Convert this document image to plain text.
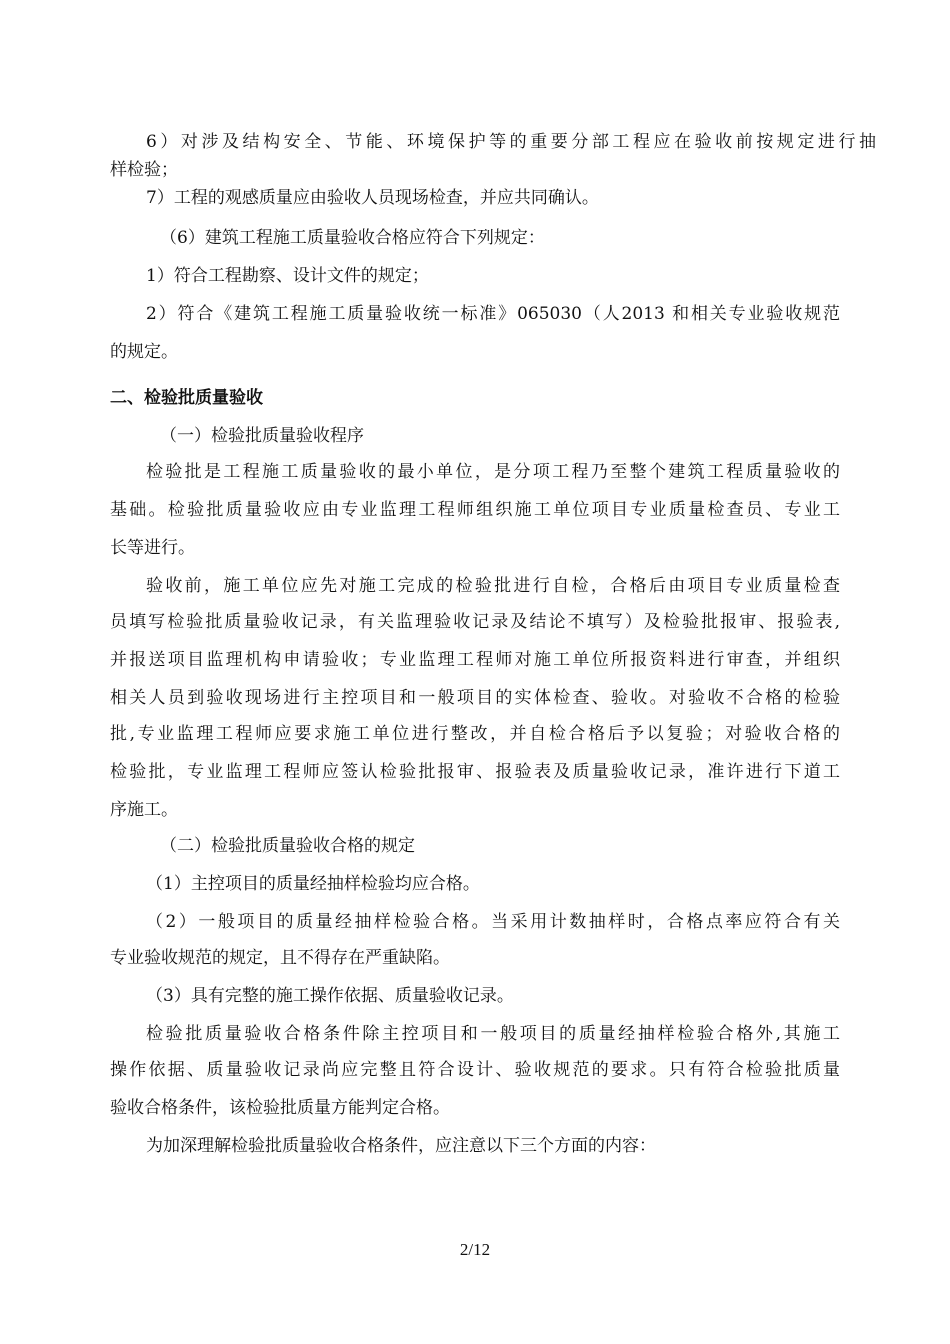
6）对涉及结构安全、节能、环境保护等的重要分部工程应在验收前按规定进行抽
样检验；
7）工程的观感质量应由验收人员现场检查，并应共同确认。
（6）建筑工程施工质量验收合格应符合下列规定：
1）符合工程勘察、设计文件的规定；
2）符合《建筑工程施工质量验收统一标准》065030（人2013 和相关专业验收规范
的规定。
二、检验批质量验收
（一）检验批质量验收程序
检验批是工程施工质量验收的最小单位，是分项工程乃至整个建筑工程质量验收的
基础。检验批质量验收应由专业监理工程师组织施工单位项目专业质量检查员、专业工
长等进行。
验收前，施工单位应先对施工完成的检验批进行自检，合格后由项目专业质量检查
员填写检验批质量验收记录，有关监理验收记录及结论不填写）及检验批报审、报验表,
并报送项目监理机构申请验收；专业监理工程师对施工单位所报资料进行审查，并组织
相关人员到验收现场进行主控项目和一般项目的实体检查、验收。对验收不合格的检验
批,专业监理工程师应要求施工单位进行整改，并自检合格后予以复验；对验收合格的
检验批，专业监理工程师应签认检验批报审、报验表及质量验收记录，准许进行下道工
序施工。
（二）检验批质量验收合格的规定
（1）主控项目的质量经抽样检验均应合格。
（2）一般项目的质量经抽样检验合格。当采用计数抽样时，合格点率应符合有关
专业验收规范的规定，且不得存在严重缺陷。
（3）具有完整的施工操作依据、质量验收记录。
检验批质量验收合格条件除主控项目和一般项目的质量经抽样检验合格外,其施工
操作依据、质量验收记录尚应完整且符合设计、验收规范的要求。只有符合检验批质量
验收合格条件，该检验批质量方能判定合格。
为加深理解检验批质量验收合格条件，应注意以下三个方面的内容：
2/12
